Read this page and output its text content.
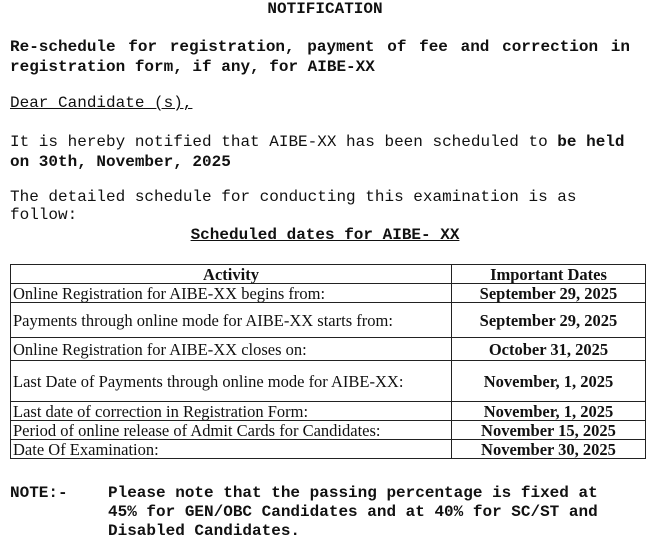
NOTIFICATION
Re-schedule for registration, payment of fee and correction in registration form, if any, for AIBE-XX
Dear Candidate (s),
It is hereby notified that AIBE-XX has been scheduled to be held on 30th, November, 2025
The detailed schedule for conducting this examination is as follow:
Scheduled dates for AIBE- XX
Activity	Important Dates
Online Registration for AIBE-XX begins from:	September 29, 2025
Payments through online mode for AIBE-XX starts from:	September 29, 2025
Online Registration for AIBE-XX closes on:	October 31, 2025
Last Date of Payments through online mode for AIBE-XX:	November, 1, 2025
Last date of correction in Registration Form:	November, 1, 2025
Period of online release of Admit Cards for Candidates:	November 15, 2025
Date Of Examination:	November 30, 2025
NOTE:-	Please note that the passing percentage is fixed at 45% for GEN/OBC Candidates and at 40% for SC/ST and Disabled Candidates.
